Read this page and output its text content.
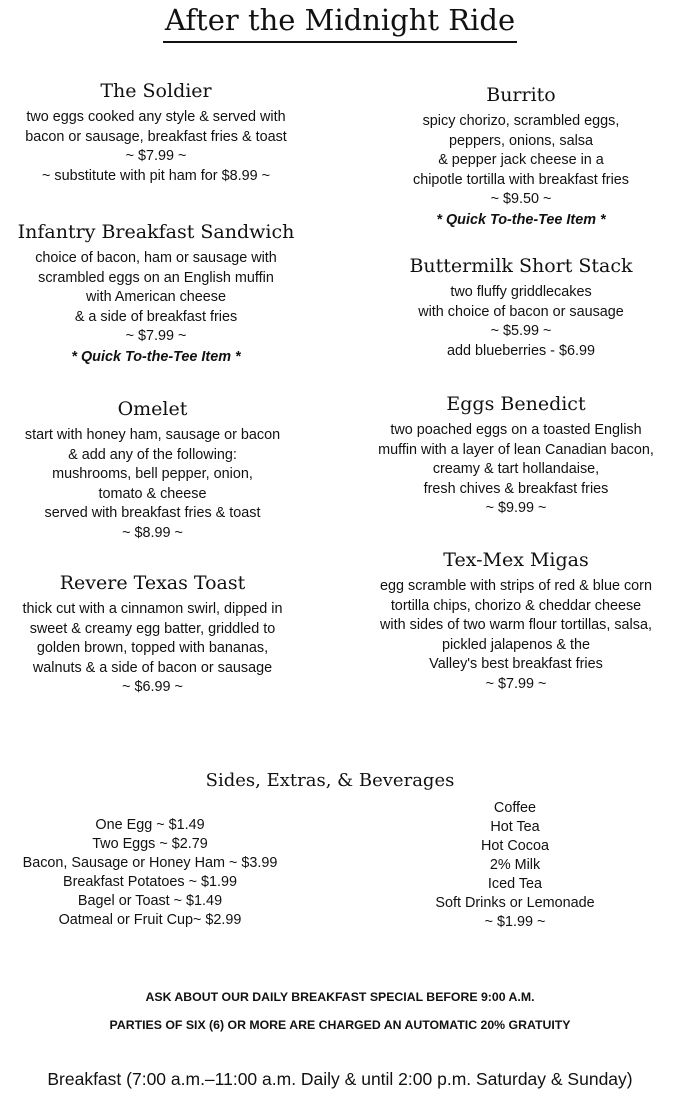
After the Midnight Ride
The Soldier
two eggs cooked any style & served with
bacon or sausage, breakfast fries & toast
~ $7.99 ~
~ substitute with pit ham for $8.99 ~
Infantry Breakfast Sandwich
choice of bacon, ham or sausage with
scrambled eggs on an English muffin
with American cheese
& a side of breakfast fries
~ $7.99 ~
* Quick To-the-Tee Item *
Omelet
start with honey ham, sausage or bacon
& add any of the following:
mushrooms, bell pepper, onion,
tomato & cheese
served with breakfast fries & toast
~ $8.99 ~
Revere Texas Toast
thick cut with a cinnamon swirl, dipped in
sweet & creamy egg batter, griddled to
golden brown, topped with bananas,
walnuts & a side of bacon or sausage
~ $6.99 ~
Burrito
spicy chorizo, scrambled eggs,
peppers, onions, salsa
& pepper jack cheese in a
chipotle tortilla with breakfast fries
~ $9.50 ~
* Quick To-the-Tee Item *
Buttermilk Short Stack
two fluffy griddlecakes
with choice of bacon or sausage
~ $5.99 ~
add blueberries - $6.99
Eggs Benedict
two poached eggs on a toasted English
muffin with a layer of lean Canadian bacon,
creamy & tart hollandaise,
fresh chives & breakfast fries
~ $9.99 ~
Tex-Mex Migas
egg scramble with strips of red & blue corn
tortilla chips, chorizo & cheddar cheese
with sides of two warm flour tortillas, salsa,
pickled jalapenos & the
Valley's best breakfast fries
~ $7.99 ~
Sides, Extras, & Beverages
One Egg ~ $1.49
Two Eggs ~ $2.79
Bacon, Sausage or Honey Ham ~ $3.99
Breakfast Potatoes ~ $1.99
Bagel or Toast ~ $1.49
Oatmeal or Fruit Cup~ $2.99
Coffee
Hot Tea
Hot Cocoa
2% Milk
Iced Tea
Soft Drinks or Lemonade
~ $1.99 ~
ASK ABOUT OUR DAILY BREAKFAST SPECIAL BEFORE 9:00 A.M.
PARTIES OF SIX (6) OR MORE ARE CHARGED AN AUTOMATIC 20% GRATUITY
Breakfast (7:00 a.m.–11:00 a.m. Daily & until 2:00 p.m. Saturday & Sunday)
